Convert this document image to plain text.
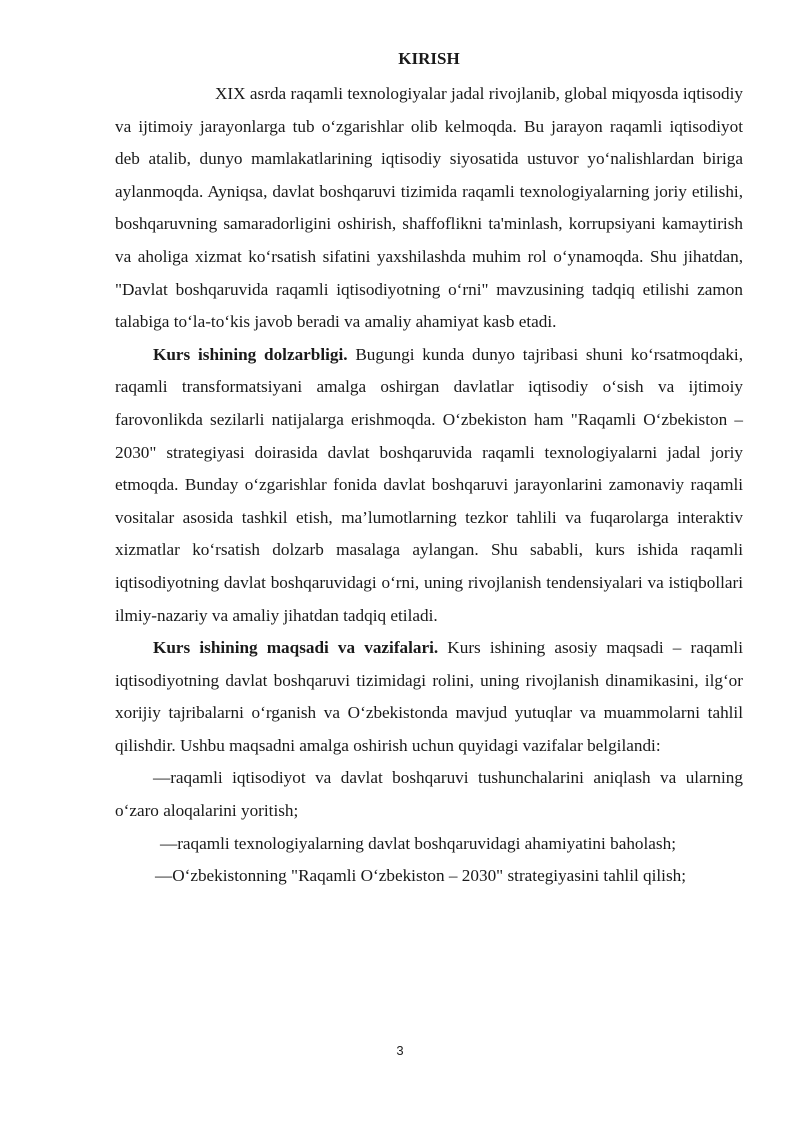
KIRISH

XIX asrda raqamli texnologiyalar jadal rivojlanib, global miqyosda iqtisodiy va ijtimoiy jarayonlarga tub o‘zgarishlar olib kelmoqda. Bu jarayon raqamli iqtisodiyot deb atalib, dunyo mamlakatlarining iqtisodiy siyosatida ustuvor yo‘nalishlardan biriga aylanmoqda. Ayniqsa, davlat boshqaruvi tizimida raqamli texnologiyalarning joriy etilishi, boshqaruvning samaradorligini oshirish, shaffoflikni ta'minlash, korrupsiyani kamaytirish va aholiga xizmat ko‘rsatish sifatini yaxshilashda muhim rol o‘ynamoqda. Shu jihatdan, "Davlat boshqaruvida raqamli iqtisodiyotning o‘rni" mavzusining tadqiq etilishi zamon talabiga to‘la-to‘kis javob beradi va amaliy ahamiyat kasb etadi.

Kurs ishining dolzarbligi. Bugungi kunda dunyo tajribasi shuni ko‘rsatmoqdaki, raqamli transformatsiyani amalga oshirgan davlatlar iqtisodiy o‘sish va ijtimoiy farovonlikda sezilarli natijalarga erishmoqda. O‘zbekiston ham "Raqamli O‘zbekiston – 2030" strategiyasi doirasida davlat boshqaruvida raqamli texnologiyalarni jadal joriy etmoqda. Bunday o‘zgarishlar fonida davlat boshqaruvi jarayonlarini zamonaviy raqamli vositalar asosida tashkil etish, ma’lumotlarning tezkor tahlili va fuqarolarga interaktiv xizmatlar ko‘rsatish dolzarb masalaga aylangan. Shu sababli, kurs ishida raqamli iqtisodiyotning davlat boshqaruvidagi o‘rni, uning rivojlanish tendensiyalari va istiqbollari ilmiy-nazariy va amaliy jihatdan tadqiq etiladi.

Kurs ishining maqsadi va vazifalari. Kurs ishining asosiy maqsadi – raqamli iqtisodiyotning davlat boshqaruvi tizimidagi rolini, uning rivojlanish dinamikasini, ilg‘or xorijiy tajribalarni o‘rganish va O‘zbekistonda mavjud yutuqlar va muammolarni tahlil qilishdir. Ushbu maqsadni amalga oshirish uchun quyidagi vazifalar belgilandi:

—raqamli iqtisodiyot va davlat boshqaruvi tushunchalarini aniqlash va ularning o‘zaro aloqalarini yoritish;

—raqamli texnologiyalarning davlat boshqaruvidagi ahamiyatini baholash;

—O‘zbekistonning "Raqamli O‘zbekiston – 2030" strategiyasini tahlil qilish;

3
